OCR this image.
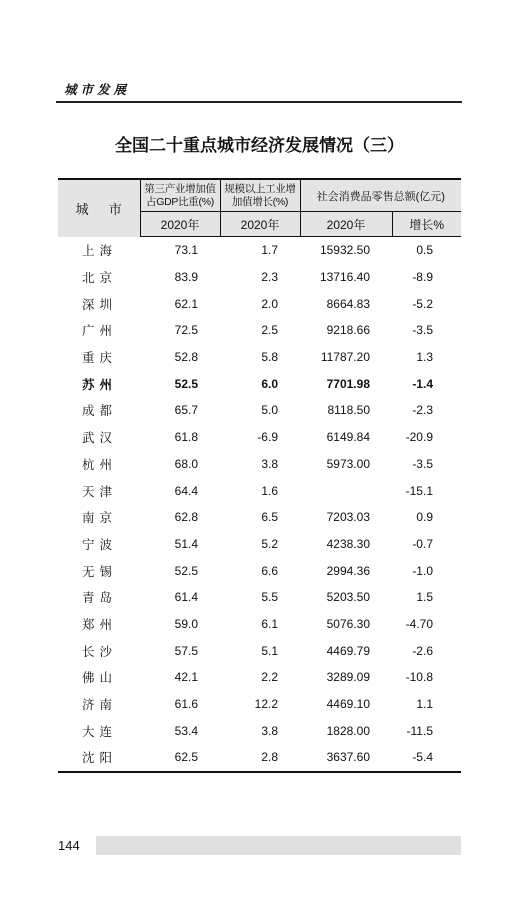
城市发展
全国二十重点城市经济发展情况（三）
城 市	第三产业增加值占GDP比重(%)	规模以上工业增加值增长(%)	社会消费品零售总额(亿元)	
	2020年	2020年	2020年	增长%
上海	73.1	1.7	15932.50	0.5
北京	83.9	2.3	13716.40	-8.9
深圳	62.1	2.0	8664.83	-5.2
广州	72.5	2.5	9218.66	-3.5
重庆	52.8	5.8	11787.20	1.3
苏州	52.5	6.0	7701.98	-1.4
成都	65.7	5.0	8118.50	-2.3
武汉	61.8	-6.9	6149.84	-20.9
杭州	68.0	3.8	5973.00	-3.5
天津	64.4	1.6		-15.1
南京	62.8	6.5	7203.03	0.9
宁波	51.4	5.2	4238.30	-0.7
无锡	52.5	6.6	2994.36	-1.0
青岛	61.4	5.5	5203.50	1.5
郑州	59.0	6.1	5076.30	-4.70
长沙	57.5	5.1	4469.79	-2.6
佛山	42.1	2.2	3289.09	-10.8
济南	61.6	12.2	4469.10	1.1
大连	53.4	3.8	1828.00	-11.5
沈阳	62.5	2.8	3637.60	-5.4
144
